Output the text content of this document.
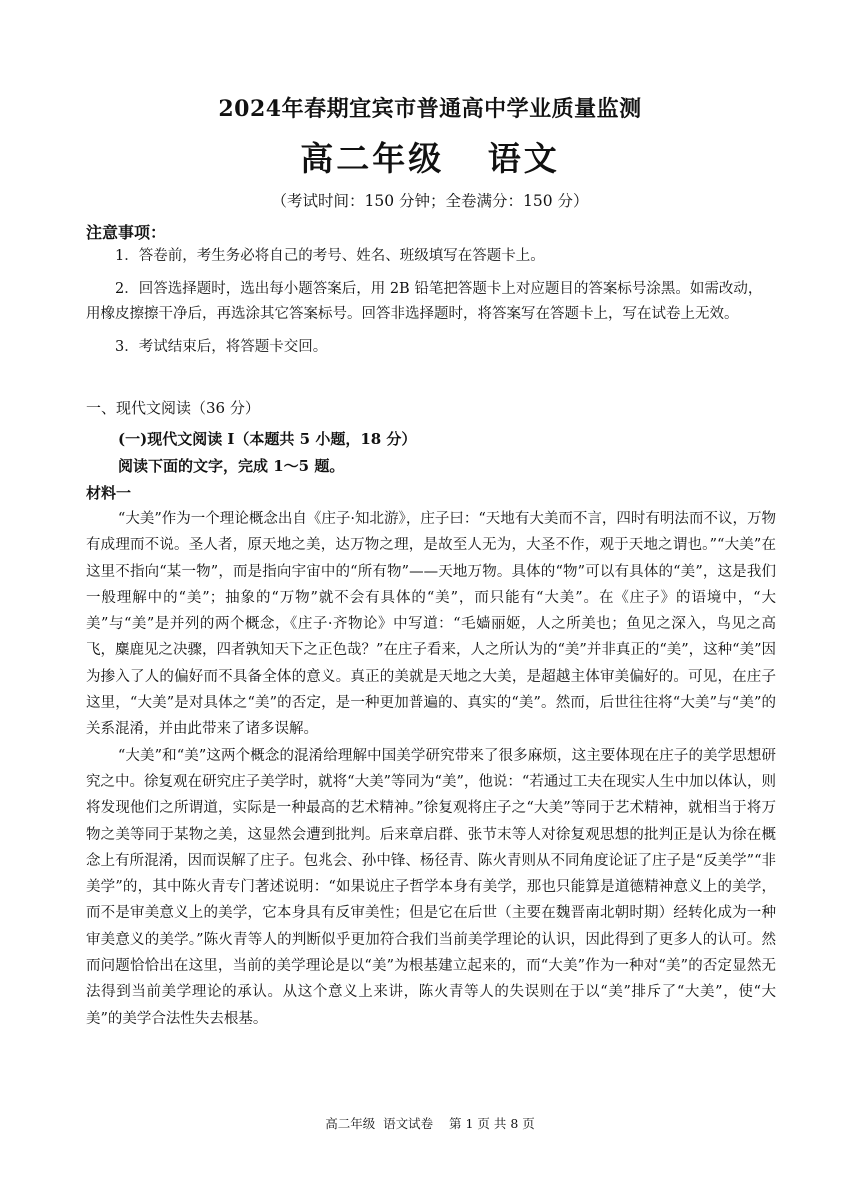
2024年春期宜宾市普通高中学业质量监测
高二年级   语文
（考试时间：150 分钟；全卷满分：150 分）
注意事项：

1．答卷前，考生务必将自己的考号、姓名、班级填写在答题卡上。

2．回答选择题时，选出每小题答案后，用 2B 铅笔把答题卡上对应题目的答案标号涂黑。如需改动，用橡皮擦擦干净后，再选涂其它答案标号。回答非选择题时，将答案写在答题卡上，写在试卷上无效。

3．考试结束后，将答题卡交回。

一、现代文阅读（36 分）
(一)现代文阅读 I（本题共 5 小题，18 分）
阅读下面的文字，完成 1～5 题。
材料一

“大美”作为一个理论概念出自《庄子·知北游》，庄子曰：“天地有大美而不言，四时有明法而不议，万物有成理而不说。圣人者，原天地之美，达万物之理，是故至人无为，大圣不作，观于天地之谓也。”“大美”在这里不指向“某一物”，而是指向宇宙中的“所有物”——天地万物。具体的“物”可以有具体的“美”，这是我们一般理解中的“美”；抽象的“万物”就不会有具体的“美”，而只能有“大美”。在《庄子》的语境中，“大美”与“美”是并列的两个概念，《庄子·齐物论》中写道：“毛嫱丽姬，人之所美也；鱼见之深入，鸟见之高飞，麋鹿见之决骤，四者孰知天下之正色哉？”在庄子看来，人之所认为的“美”并非真正的“美”，这种“美”因为掺入了人的偏好而不具备全体的意义。真正的美就是天地之大美，是超越主体审美偏好的。可见，在庄子这里，“大美”是对具体之“美”的否定，是一种更加普遍的、真实的“美”。然而，后世往往将“大美”与“美”的关系混淆，并由此带来了诸多误解。

“大美”和“美”这两个概念的混淆给理解中国美学研究带来了很多麻烦，这主要体现在庄子的美学思想研究之中。徐复观在研究庄子美学时，就将“大美”等同为“美”，他说：“若通过工夫在现实人生中加以体认，则将发现他们之所谓道，实际是一种最高的艺术精神。”徐复观将庄子之“大美”等同于艺术精神，就相当于将万物之美等同于某物之美，这显然会遭到批判。后来章启群、张节末等人对徐复观思想的批判正是认为徐在概念上有所混淆，因而误解了庄子。包兆会、孙中锋、杨径青、陈火青则从不同角度论证了庄子是“反美学”“非美学”的，其中陈火青专门著述说明：“如果说庄子哲学本身有美学，那也只能算是道德精神意义上的美学，而不是审美意义上的美学，它本身具有反审美性；但是它在后世（主要在魏晋南北朝时期）经转化成为一种审美意义的美学。”陈火青等人的判断似乎更加符合我们当前美学理论的认识，因此得到了更多人的认可。然而问题恰恰出在这里，当前的美学理论是以“美”为根基建立起来的，而“大美”作为一种对“美”的否定显然无法得到当前美学理论的承认。从这个意义上来讲，陈火青等人的失误则在于以“美”排斥了“大美”，使“大美”的美学合法性失去根基。

高二年级  语文试卷    第 1 页 共 8 页
